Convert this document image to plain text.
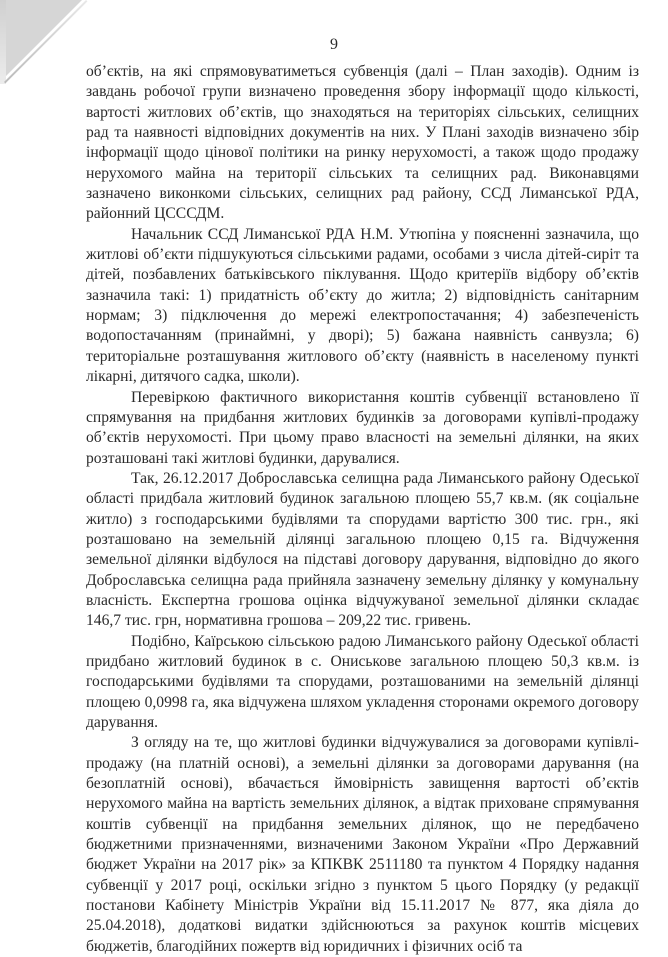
9

об’єктів, на які спрямовуватиметься субвенція (далі – План заходів). Одним із завдань робочої групи визначено проведення збору інформації щодо кількості, вартості житлових об’єктів, що знаходяться на територіях сільських, селищних рад та наявності відповідних документів на них. У Плані заходів визначено збір інформації щодо цінової політики на ринку нерухомості, а також щодо продажу нерухомого майна на території сільських та селищних рад. Виконавцями зазначено виконкоми сільських, селищних рад району, ССД Лиманської РДА, районний ЦСССДМ.

Начальник ССД Лиманської РДА Н.М. Утюпіна у поясненні зазначила, що житлові об’єкти підшукуються сільськими радами, особами з числа дітей-сиріт та дітей, позбавлених батьківського піклування. Щодо критеріїв відбору об’єктів зазначила такі: 1) придатність об’єкту до житла; 2) відповідність санітарним нормам; 3) підключення до мережі електропостачання; 4) забезпеченість водопостачанням (принаймні, у дворі); 5) бажана наявність санвузла; 6) територіальне розташування житлового об’єкту (наявність в населеному пункті лікарні, дитячого садка, школи).

Перевіркою фактичного використання коштів субвенції встановлено її спрямування на придбання житлових будинків за договорами купівлі-продажу об’єктів нерухомості. При цьому право власності на земельні ділянки, на яких розташовані такі житлові будинки, дарувалися.

Так, 26.12.2017 Доброславська селищна рада Лиманського району Одеської області придбала житловий будинок загальною площею 55,7 кв.м. (як соціальне житло) з господарськими будівлями та спорудами вартістю 300 тис. грн., які розташовано на земельній ділянці загальною площею 0,15 га. Відчуження земельної ділянки відбулося на підставі договору дарування, відповідно до якого Доброславська селищна рада прийняла зазначену земельну ділянку у комунальну власність. Експертна грошова оцінка відчужуваної земельної ділянки складає 146,7 тис. грн, нормативна грошова – 209,22 тис. гривень.

Подібно, Каїрською сільською радою Лиманського району Одеської області придбано житловий будинок в с. Ониськове загальною площею 50,3 кв.м. із господарськими будівлями та спорудами, розташованими на земельній ділянці площею 0,0998 га, яка відчужена шляхом укладення сторонами окремого договору дарування.

З огляду на те, що житлові будинки відчужувалися за договорами купівлі-продажу (на платній основі), а земельні ділянки за договорами дарування (на безоплатній основі), вбачається ймовірність завищення вартості об’єктів нерухомого майна на вартість земельних ділянок, а відтак приховане спрямування коштів субвенції на придбання земельних ділянок, що не передбачено бюджетними призначеннями, визначеними Законом України «Про Державний бюджет України на 2017 рік» за КПКВК 2511180 та пунктом 4 Порядку надання субвенції у 2017 році, оскільки згідно з пунктом 5 цього Порядку (у редакції постанови Кабінету Міністрів України від 15.11.2017 № 877, яка діяла до 25.04.2018), додаткові видатки здійснюються за рахунок коштів місцевих бюджетів, благодійних пожертв від юридичних і фізичних осіб та
